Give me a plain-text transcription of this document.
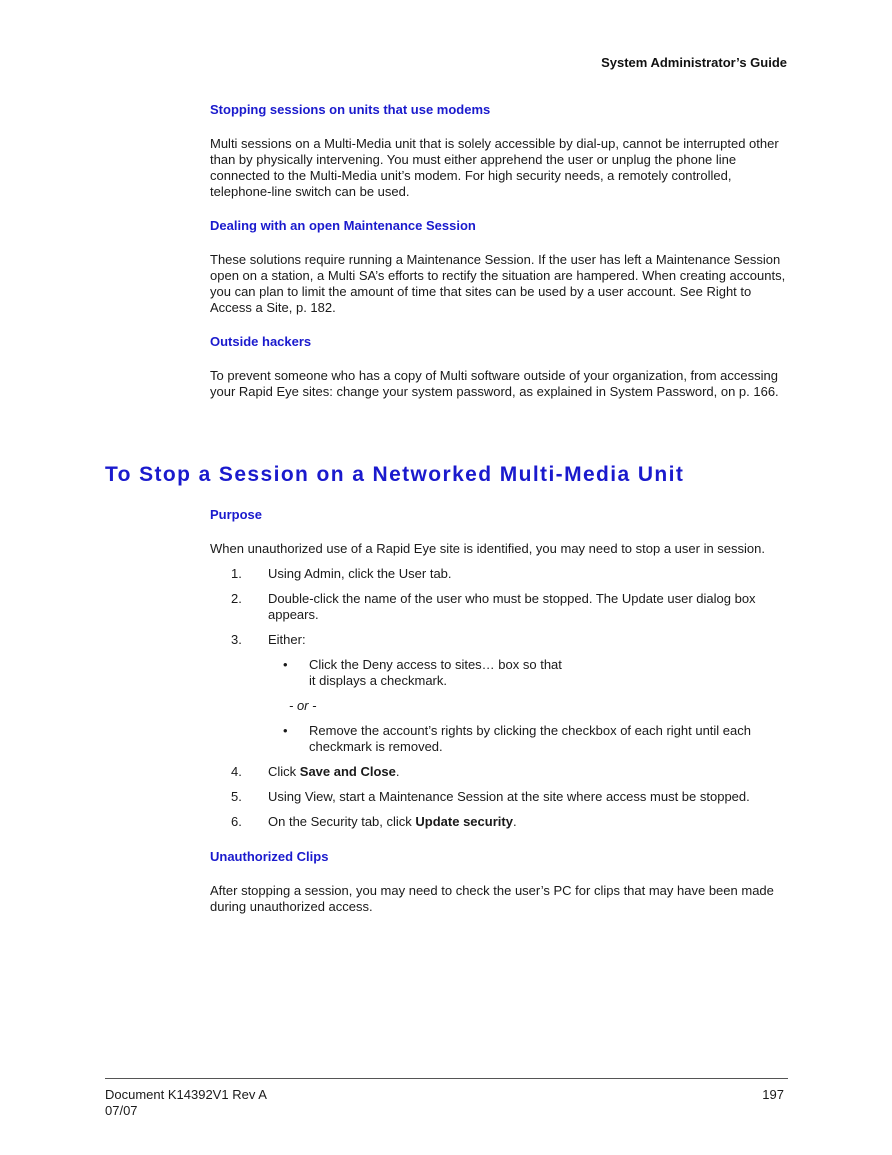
System Administrator’s Guide
Stopping sessions on units that use modems

Multi sessions on a Multi-Media unit that is solely accessible by dial-up, cannot be interrupted other than by physically intervening. You must either apprehend the user or unplug the phone line connected to the Multi-Media unit’s modem. For high security needs, a remotely controlled, telephone-line switch can be used.

Dealing with an open Maintenance Session

These solutions require running a Maintenance Session. If the user has left a Maintenance Session open on a station, a Multi SA’s efforts to rectify the situation are hampered. When creating accounts, you can plan to limit the amount of time that sites can be used by a user account. See Right to Access a Site, p. 182.

Outside hackers

To prevent someone who has a copy of Multi software outside of your organization, from accessing your Rapid Eye sites: change your system password, as explained in System Password, on p. 166.

To Stop a Session on a Networked Multi-Media Unit
Purpose

When unauthorized use of a Rapid Eye site is identified, you may need to stop a user in session.

1. Using Admin, click the User tab.
2. Double-click the name of the user who must be stopped. The Update user dialog box appears.
3. Either:
• Click the Deny access to sites… box so that
it displays a checkmark.
- or -
• Remove the account’s rights by clicking the checkbox of each right until each checkmark is removed.
4. Click Save and Close.
5. Using View, start a Maintenance Session at the site where access must be stopped.
6. On the Security tab, click Update security.
Unauthorized Clips

After stopping a session, you may need to check the user’s PC for clips that may have been made during unauthorized access.

Document K14392V1 Rev A
07/07
197
